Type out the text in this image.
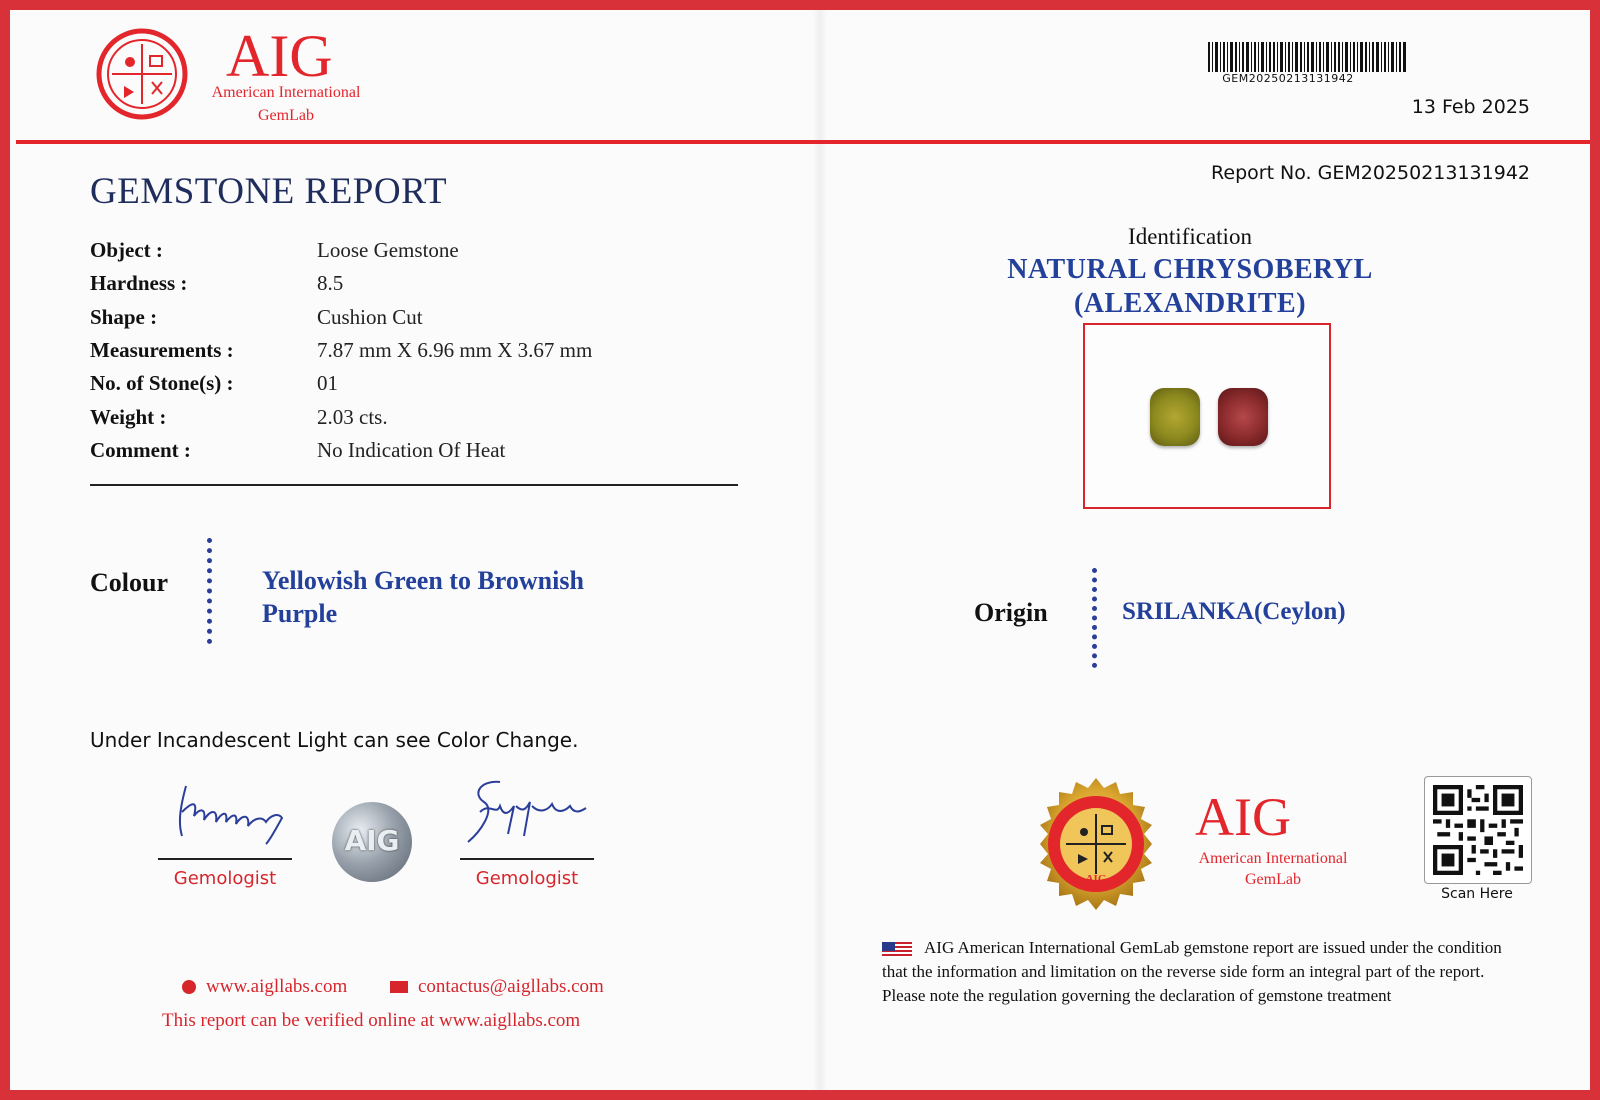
AIG
American International
GemLab
GEM20250213131942
13 Feb 2025
Report No. GEM20250213131942
GEMSTONE REPORT
Object :	Loose Gemstone
Hardness :	8.5
Shape :	Cushion Cut
Measurements :	7.87 mm X 6.96 mm X 3.67 mm
No. of Stone(s) :	01
Weight :	2.03 cts.
Comment :	No Indication Of Heat
Colour	Yellowish Green to Brownish
Purple
Under Incandescent Light can see Color Change.
Gemologist
AIG
Gemologist
www.aigllabs.com	contactus@aigllabs.com
This report can be verified online at www.aigllabs.com
Identification
NATURAL CHRYSOBERYL
(ALEXANDRITE)
Origin	SRILANKA(Ceylon)
AIG
AIG
American International
GemLab
Scan Here
AIG American International GemLab gemstone report are issued under the condition that the information and limitation on the reverse side form an integral part of the report. Please note the regulation governing the declaration of gemstone treatment
